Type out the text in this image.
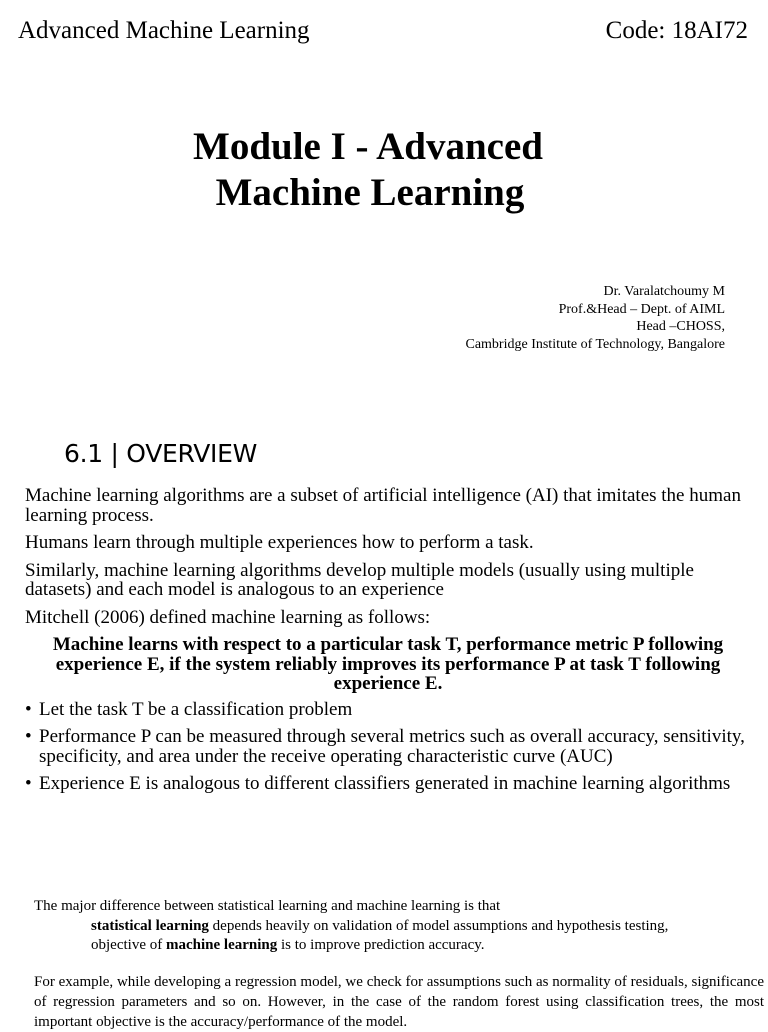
Advanced Machine Learning	Code: 18AI72
Module I - Advanced
Machine Learning
Dr. Varalatchoumy M
Prof.&Head – Dept. of AIML
Head –CHOSS,
Cambridge Institute of Technology, Bangalore
6.1 | OVERVIEW

Machine learning algorithms are a subset of artificial intelligence (AI) that imitates the human learning process.

Humans learn through multiple experiences how to perform a task.

Similarly, machine learning algorithms develop multiple models (usually using multiple datasets) and each model is analogous to an experience

Mitchell (2006) defined machine learning as follows:

Machine learns with respect to a particular task T, performance metric P following experience E, if the system reliably improves its performance P at task T following experience E.

• Let the task T be a classification problem
• Performance P can be measured through several metrics such as overall accuracy, sensitivity, specificity, and area under the receive operating characteristic curve (AUC)
• Experience E is analogous to different classifiers generated in machine learning algorithms
The major difference between statistical learning and machine learning is that
statistical learning depends heavily on validation of model assumptions and hypothesis testing,
objective of machine learning is to improve prediction accuracy.
For example, while developing a regression model, we check for assumptions such as normality of residuals, significance of regression parameters and so on. However, in the case of the random forest using classification trees, the most important objective is the accuracy/performance of the model.
